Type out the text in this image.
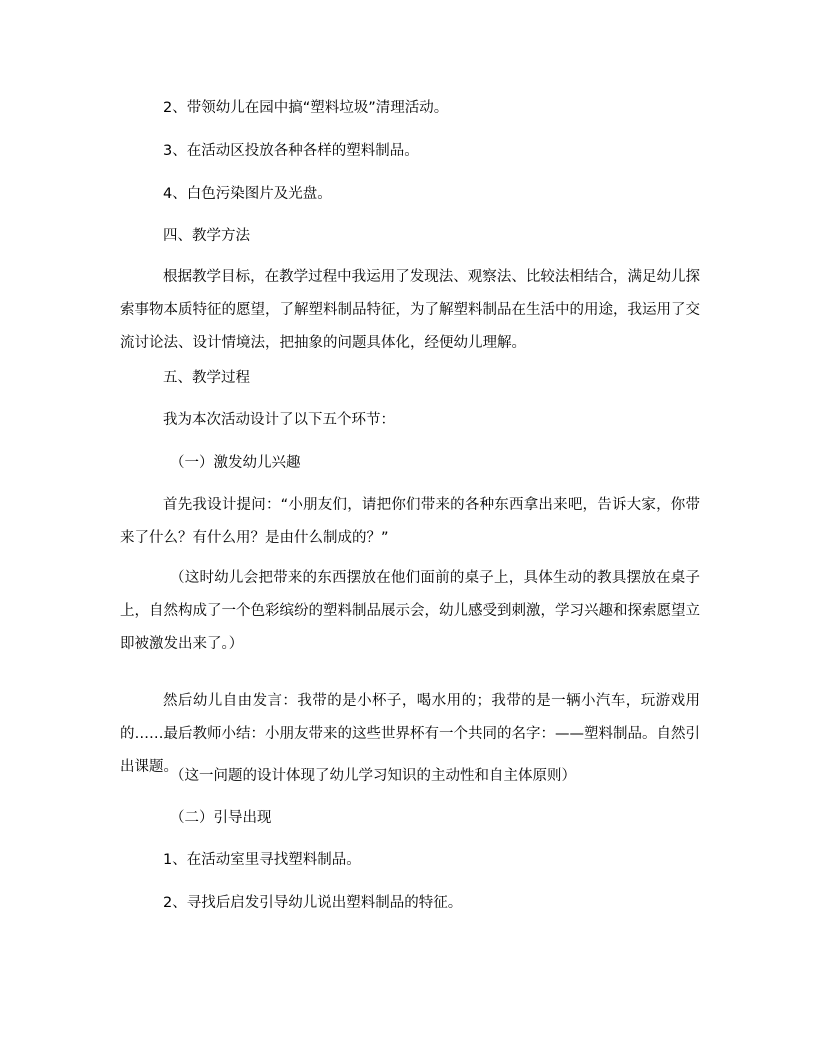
2、带领幼儿在园中搞“塑料垃圾”清理活动。

3、在活动区投放各种各样的塑料制品。

4、白色污染图片及光盘。

四、教学方法

根据教学目标，在教学过程中我运用了发现法、观察法、比较法相结合，满足幼儿探索事物本质特征的愿望，了解塑料制品特征，为了解塑料制品在生活中的用途，我运用了交流讨论法、设计情境法，把抽象的问题具体化，经便幼儿理解。

五、教学过程

我为本次活动设计了以下五个环节：

（一）激发幼儿兴趣

首先我设计提问：“小朋友们，请把你们带来的各种东西拿出来吧，告诉大家，你带来了什么？有什么用？是由什么制成的？”

（这时幼儿会把带来的东西摆放在他们面前的桌子上，具体生动的教具摆放在桌子上，自然构成了一个色彩缤纷的塑料制品展示会，幼儿感受到刺激，学习兴趣和探索愿望立即被激发出来了。）

然后幼儿自由发言：我带的是小杯子，喝水用的；我带的是一辆小汽车，玩游戏用的……最后教师小结：小朋友带来的这些世界杯有一个共同的名字：——塑料制品。自然引出课题。

（这一问题的设计体现了幼儿学习知识的主动性和自主体原则）

（二）引导出现

1、在活动室里寻找塑料制品。

2、寻找后启发引导幼儿说出塑料制品的特征。
